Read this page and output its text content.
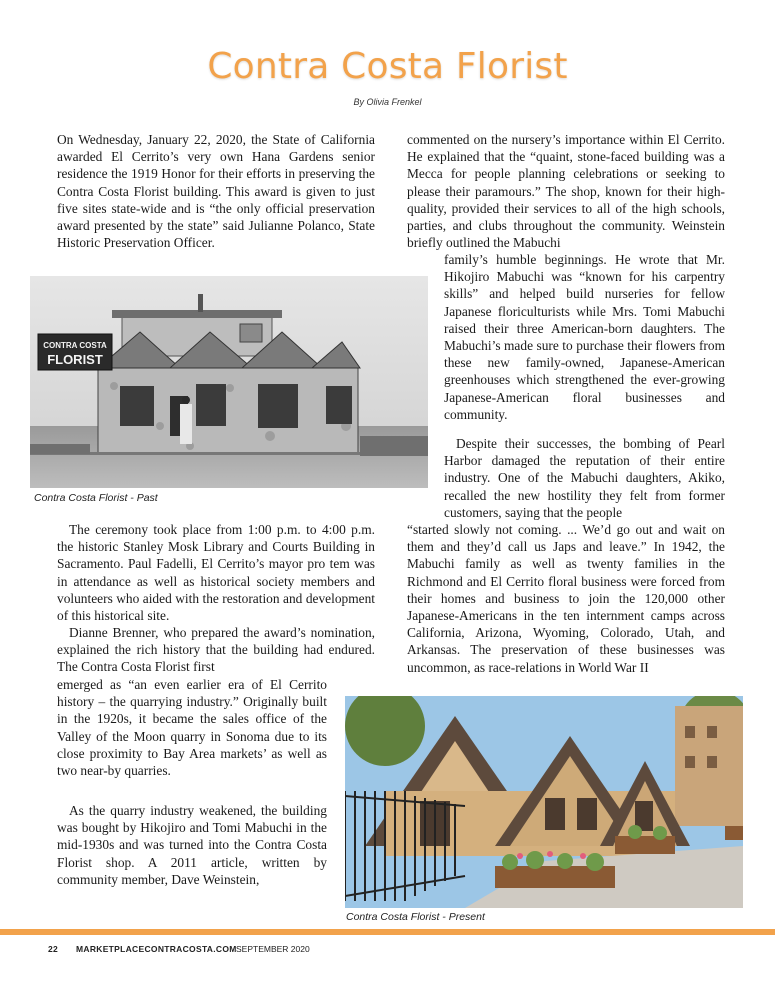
Contra Costa Florist
By Olivia Frenkel

On Wednesday, January 22, 2020, the State of California awarded El Cerrito’s very own Hana Gardens senior residence the 1919 Honor for their efforts in preserving the Contra Costa Florist building. This award is given to just five sites state-wide and is “the only official preservation award presented by the state” said Julianne Polanco, State Historic Preservation Officer.

CONTRA COSTA
FLORIST
Contra Costa Florist - Past

The ceremony took place from 1:00 p.m. to 4:00 p.m. the historic Stanley Mosk Library and Courts Building in Sacramento. Paul Fadelli, El Cerrito’s mayor pro tem was in attendance as well as historical society members and volunteers who aided with the restoration and development of this historical site.

Dianne Brenner, who prepared the award’s nomination, explained the rich history that the building had endured. The Contra Costa Florist first

emerged as “an even earlier era of El Cerrito history – the quarrying industry.” Originally built in the 1920s, it became the sales office of the Valley of the Moon quarry in Sonoma due to its close proximity to Bay Area markets’ as well as two near-by quarries.

As the quarry industry weakened, the building was bought by Hikojiro and Tomi Mabuchi in the mid-1930s and was turned into the Contra Costa Florist shop. A 2011 article, written by community member, Dave Weinstein,

commented on the nursery’s importance within El Cerrito. He explained that the “quaint, stone-faced building was a Mecca for people planning celebrations or seeking to please their paramours.” The shop, known for their high-quality, provided their services to all of the high schools, parties, and clubs throughout the community. Weinstein briefly outlined the Mabuchi

family’s humble beginnings. He wrote that Mr. Hikojiro Mabuchi was “known for his carpentry skills” and helped build nurseries for fellow Japanese floriculturists while Mrs. Tomi Mabuchi raised their three American-born daughters. The Mabuchi’s made sure to purchase their flowers from these new family-owned, Japanese-American greenhouses which strengthened the ever-growing Japanese-American floral businesses and community.

Despite their successes, the bombing of Pearl Harbor damaged the reputation of their entire industry. One of the Mabuchi daughters, Akiko, recalled the new hostility they felt from former customers, saying that the people

“started slowly not coming. ... We’d go out and wait on them and they’d call us Japs and leave.” In 1942, the Mabuchi family as well as twenty families in the Richmond and El Cerrito floral business were forced from their homes and business to join the 120,000 other Japanese-Americans in the ten internment camps across California, Arizona, Wyoming, Colorado, Utah, and Arkansas. The preservation of these businesses was uncommon, as race-relations in World War II

Contra Costa Florist - Present
22 MARKETPLACECONTRACOSTA.COM SEPTEMBER 2020
